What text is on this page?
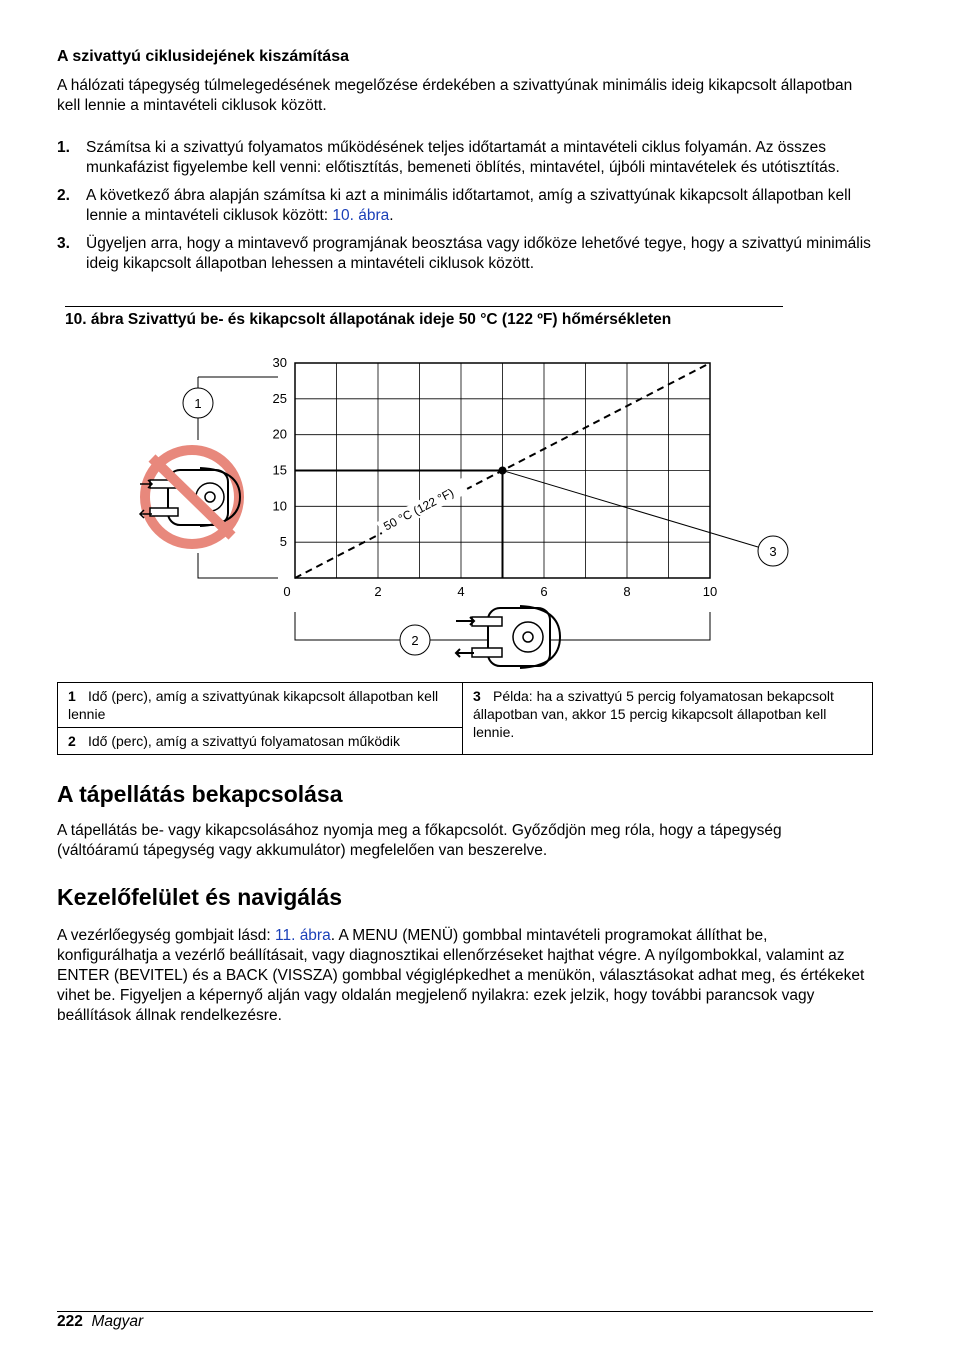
A szivattyú ciklusidejének kiszámítása
A hálózati tápegység túlmelegedésének megelőzése érdekében a szivattyúnak minimális ideig kikapcsolt állapotban kell lennie a mintavételi ciklusok között.
1. Számítsa ki a szivattyú folyamatos működésének teljes időtartamát a mintavételi ciklus folyamán. Az összes munkafázist figyelembe kell venni: előtisztítás, bemeneti öblítés, mintavétel, újbóli mintavételek és utótisztítás.
2. A következő ábra alapján számítsa ki azt a minimális időtartamot, amíg a szivattyúnak kikapcsolt állapotban kell lennie a mintavételi ciklusok között: 10. ábra.
3. Ügyeljen arra, hogy a mintavevő programjának beosztása vagy időköze lehetővé tegye, hogy a szivattyú minimális ideig kikapcsolt állapotban lehessen a mintavételi ciklusok között.
10. ábra Szivattyú be- és kikapcsolt állapotának ideje 50 °C (122 ºF) hőmérsékleten
5
10
15
20
25
30
0	2	4	6	8	10
50 °C (122 °F)
1
2
3
1 Idő (perc), amíg a szivattyúnak kikapcsolt állapotban kell lennie	3 Példa: ha a szivattyú 5 percig folyamatosan bekapcsolt állapotban van, akkor 15 percig kikapcsolt állapotban kell lennie.
2 Idő (perc), amíg a szivattyú folyamatosan működik
A tápellátás bekapcsolása
A tápellátás be- vagy kikapcsolásához nyomja meg a főkapcsolót. Győződjön meg róla, hogy a tápegység (váltóáramú tápegység vagy akkumulátor) megfelelően van beszerelve.
Kezelőfelület és navigálás
A vezérlőegység gombjait lásd: 11. ábra. A MENU (MENÜ) gombbal mintavételi programokat állíthat be, konfigurálhatja a vezérlő beállításait, vagy diagnosztikai ellenőrzéseket hajthat végre. A nyílgombokkal, valamint az ENTER (BEVITEL) és a BACK (VISSZA) gombbal végiglépkedhet a menükön, választásokat adhat meg, és értékeket vihet be. Figyeljen a képernyő alján vagy oldalán megjelenő nyilakra: ezek jelzik, hogy további parancsok vagy beállítások állnak rendelkezésre.
222 Magyar
